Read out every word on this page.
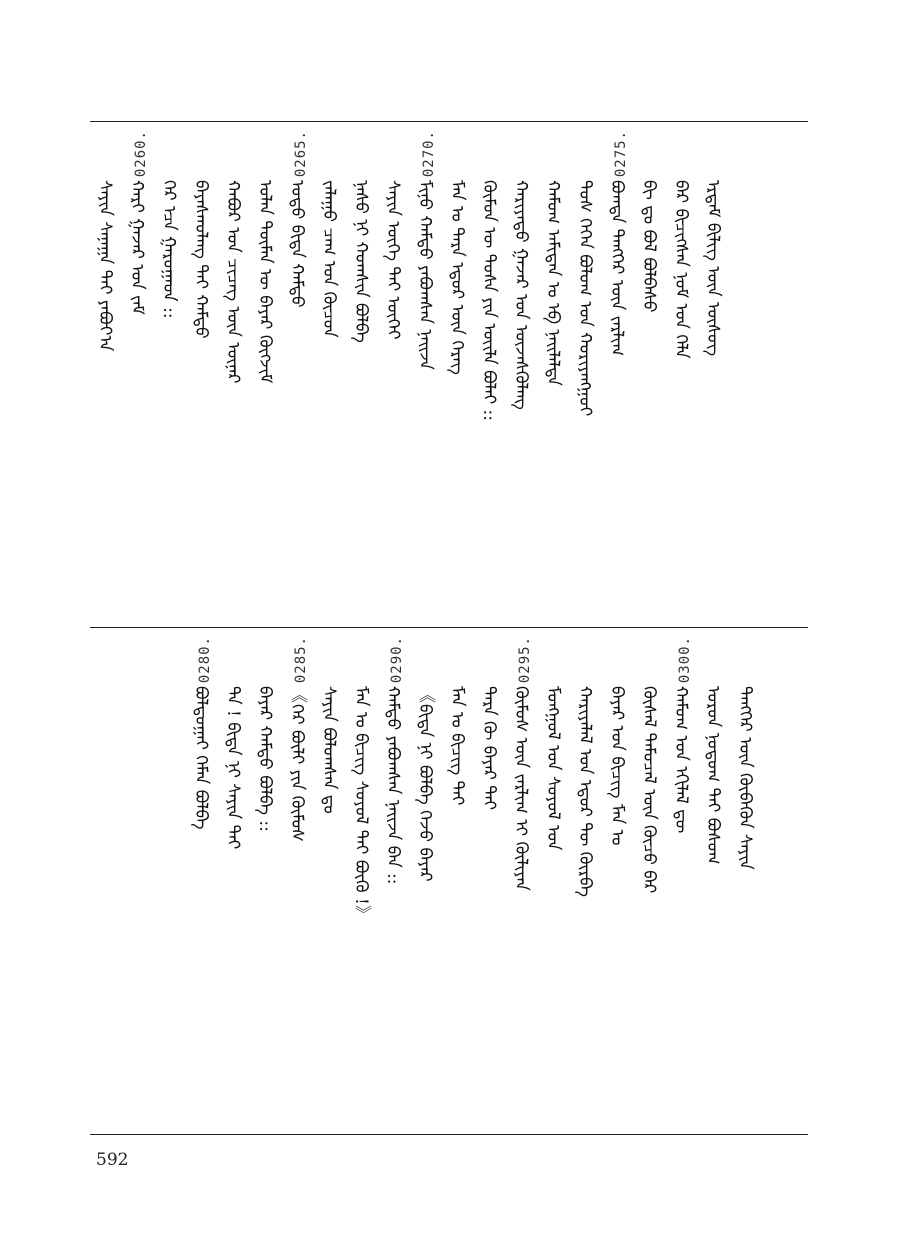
ᠡᠷᠳᠡᠮ ᠪᠢᠯᠢᠭ ᠦᠨ ᠦᠰᠦᠭ
ᠪᠡᠷ ᠪᠢᠴᠢᠭᠰᠡᠨ ᠨᠣᠮ ᠤᠨ ᠬᠡᠯᠡ
ᠪᠢ ᠳᠤ ᠪᠣᠯ ᠪᠣᠯᠪᠠᠰᠤ
ᠪᠣᠭᠳᠠ ᠲᠡᠩᠭᠡᠷ ᠦᠨ ᠵᠠᠷᠯᠢᠭ
ᠲᠤᠰ ᠭᠡᠭᠡᠨ ᠪᠤᠯᠤᠭ ᠤᠨ ᠬᠤᠷᠢᠶᠠᠩᠭᠤᠢ
ᠬᠠᠮᠤᠭ ᠠᠮᠢᠲᠠᠨ ᠤ ᠡᠪ ᠨᠡᠢᠯᠡᠯᠲᠡ
ᠬᠠᠷᠢᠶᠠᠲᠤ ᠭᠠᠵᠠᠷ ᠤᠨ ᠦᠵᠡᠰᠭᠦᠯᠡᠩ
ᠬᠦᠮᠦᠨ ᠦ ᠲᠤᠰᠠ ᠶᠢᠨ ᠦᠢᠯᠡ ᠪᠣᠯᠠᠢ ::
ᠮᠠᠨ ᠤ ᠲᠡᠷᠡ ᠡᠳᠦᠷ ᠦᠨ ᠬᠡᠷᠡᠭ
ᠮᠢᠨᠤ ᠬᠠᠮᠲᠤ ᠶᠠᠪᠤᠭᠰᠠᠨ ᠨᠠᠢᠵᠠ
ᠰᠠᠶᠢᠨ ᠦᠬᠡ ᠲᠠᠢ ᠦᠭᠡᠢ
ᠨᠠᠰᠤ ᠨᠢ ᠬᠣᠭᠰᠢᠨ ᠪᠣᠯᠪᠠ
ᠵᠠᠯᠠᠭᠤ ᠴᠠᠭ ᠤᠨ ᠬᠦᠴᠦᠨ
ᠣᠳᠣ ᠪᠢᠳᠡ ᠬᠠᠮᠲᠤ
ᠣᠯᠠᠨ ᠲᠦᠮᠡᠨ ᠦ ᠪᠠᠶᠠᠷ ᠬᠥᠭᠵᠢᠮ
ᠬᠠᠪᠤᠷ ᠤᠨ ᠴᠢᠴᠡᠭ ᠦᠨ ᠦᠨᠡᠷ
ᠪᠠᠶᠠᠰᠬᠤᠯᠠᠩ ᠲᠠᠢ ᠬᠠᠮᠲᠤ
ᠭᠡᠷ ᠡᠴᠡ ᠭᠠᠷᠤᠭᠠᠳ ::
ᠬᠠᠷᠢ ᠭᠠᠵᠠᠷ ᠤᠨ ᠵᠠᠮ
ᠰᠠᠶᠢᠨ ᠰᠠᠨᠠᠭᠠ ᠲᠠᠢ ᠶᠠᠪᠤᠶ᠎ᠠ
0275.
0270.
0265.
0260.
ᠲᠡᠩᠭᠡᠷ ᠦᠨ ᠬᠥᠪᠡᠭᠦᠨ ᠰᠠᠶᠢᠨ
ᠣᠷᠣᠨ ᠨᠤᠲᠤᠭ ᠲᠠᠢ ᠪᠤᠰᠤᠭ
ᠬᠠᠮᠤᠭ ᠤᠨ ᠡᠬᠢᠯᠡᠯ ᠳᠦ
ᠬᠦᠰᠡᠯ ᠲᠡᠮᠦᠴᠡᠯ ᠦᠨ ᠬᠦᠴᠦ ᠪᠡᠷ
ᠪᠠᠶᠠᠷ ᠤᠨ ᠪᠢᠴᠢᠭ ᠮᠠᠨ ᠤ
ᠬᠠᠷᠢᠶᠠᠯᠠᠯ ᠤᠨ ᠡᠳᠦᠷ ᠲᠦ ᠬᠦᠷᠪᠡ
ᠮᠣᠩᠭᠣᠯ ᠤᠨ ᠰᠣᠶᠣᠯ ᠤᠨ
ᠬᠦᠮᠦᠰ ᠦᠨ ᠵᠠᠷᠯᠢᠭ ᠢ ᠬᠦᠯᠢᠶᠡᠨ
ᠲᠡᠷᠡ ᠬᠦ ᠪᠠᠶᠠᠷ ᠲᠠᠢ
ᠮᠠᠨ ᠤ ᠪᠢᠴᠢᠭ ᠲᠡᠢ
《ᠪᠢᠳᠡ ᠨᠢ ᠪᠣᠯᠪᠠ ᠭᠡᠵᠦ ᠪᠠᠶᠠᠷ
ᠬᠠᠮᠲᠤ ᠶᠠᠪᠤᠭᠰᠠᠨ ᠨᠠᠢᠵᠠ ᠪᠠᠨ ::
ᠮᠠᠨ ᠤ ᠪᠢᠴᠢᠭ ᠰᠣᠶᠣᠯ ᠲᠡᠢ ᠪᠦᠬᠦ !》
ᠰᠠᠶᠢᠨ ᠪᠣᠯᠤᠭᠰᠠᠨ ᠳᠤ
《ᠭᠡᠷ ᠪᠦᠯᠢ ᠶᠢᠨ ᠬᠦᠮᠦᠰ
ᠪᠠᠶᠠᠷ ᠬᠠᠮᠲᠤ ᠪᠣᠯᠪᠠ ::
ᠲᠡ ! ᠪᠢᠳᠡ ᠨᠢ ᠰᠠᠶᠢᠨ ᠲᠡᠢ
ᠪᠣᠯᠲᠤᠭᠠᠢ ᠬᠡᠮᠡᠨ ᠪᠣᠯᠪᠠ
0300.
0295.
0290.
0285.
0280.
592
